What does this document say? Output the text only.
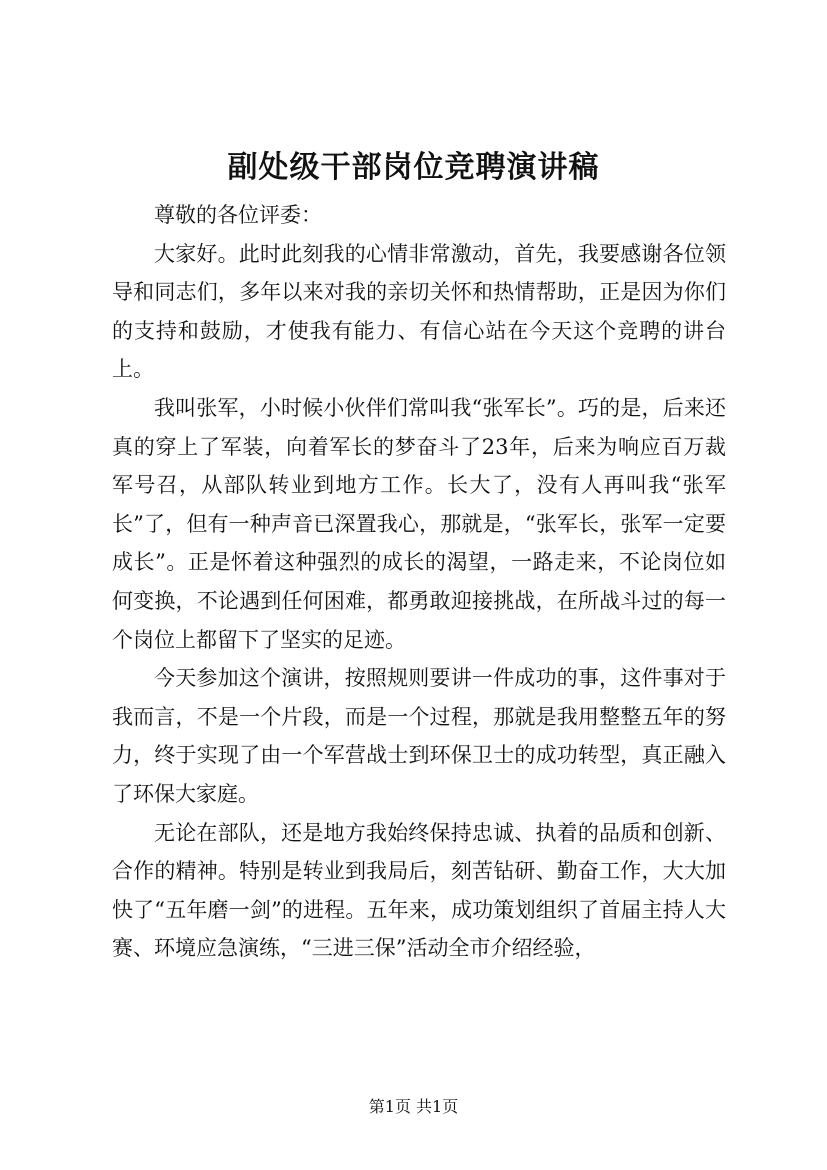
副处级干部岗位竞聘演讲稿

尊敬的各位评委：

大家好。此时此刻我的心情非常激动，首先，我要感谢各位领导和同志们，多年以来对我的亲切关怀和热情帮助，正是因为你们的支持和鼓励，才使我有能力、有信心站在今天这个竞聘的讲台上。

我叫张军，小时候小伙伴们常叫我“张军长”。巧的是，后来还真的穿上了军装，向着军长的梦奋斗了23年，后来为响应百万裁军号召，从部队转业到地方工作。长大了，没有人再叫我“张军长”了，但有一种声音已深置我心，那就是，“张军长，张军一定要成长”。正是怀着这种强烈的成长的渴望，一路走来，不论岗位如何变换，不论遇到任何困难，都勇敢迎接挑战，在所战斗过的每一个岗位上都留下了坚实的足迹。

今天参加这个演讲，按照规则要讲一件成功的事，这件事对于我而言，不是一个片段，而是一个过程，那就是我用整整五年的努力，终于实现了由一个军营战士到环保卫士的成功转型，真正融入了环保大家庭。

无论在部队，还是地方我始终保持忠诚、执着的品质和创新、合作的精神。特别是转业到我局后，刻苦钻研、勤奋工作，大大加快了“五年磨一剑”的进程。五年来，成功策划组织了首届主持人大赛、环境应急演练，“三进三保”活动全市介绍经验，

第1页 共1页
